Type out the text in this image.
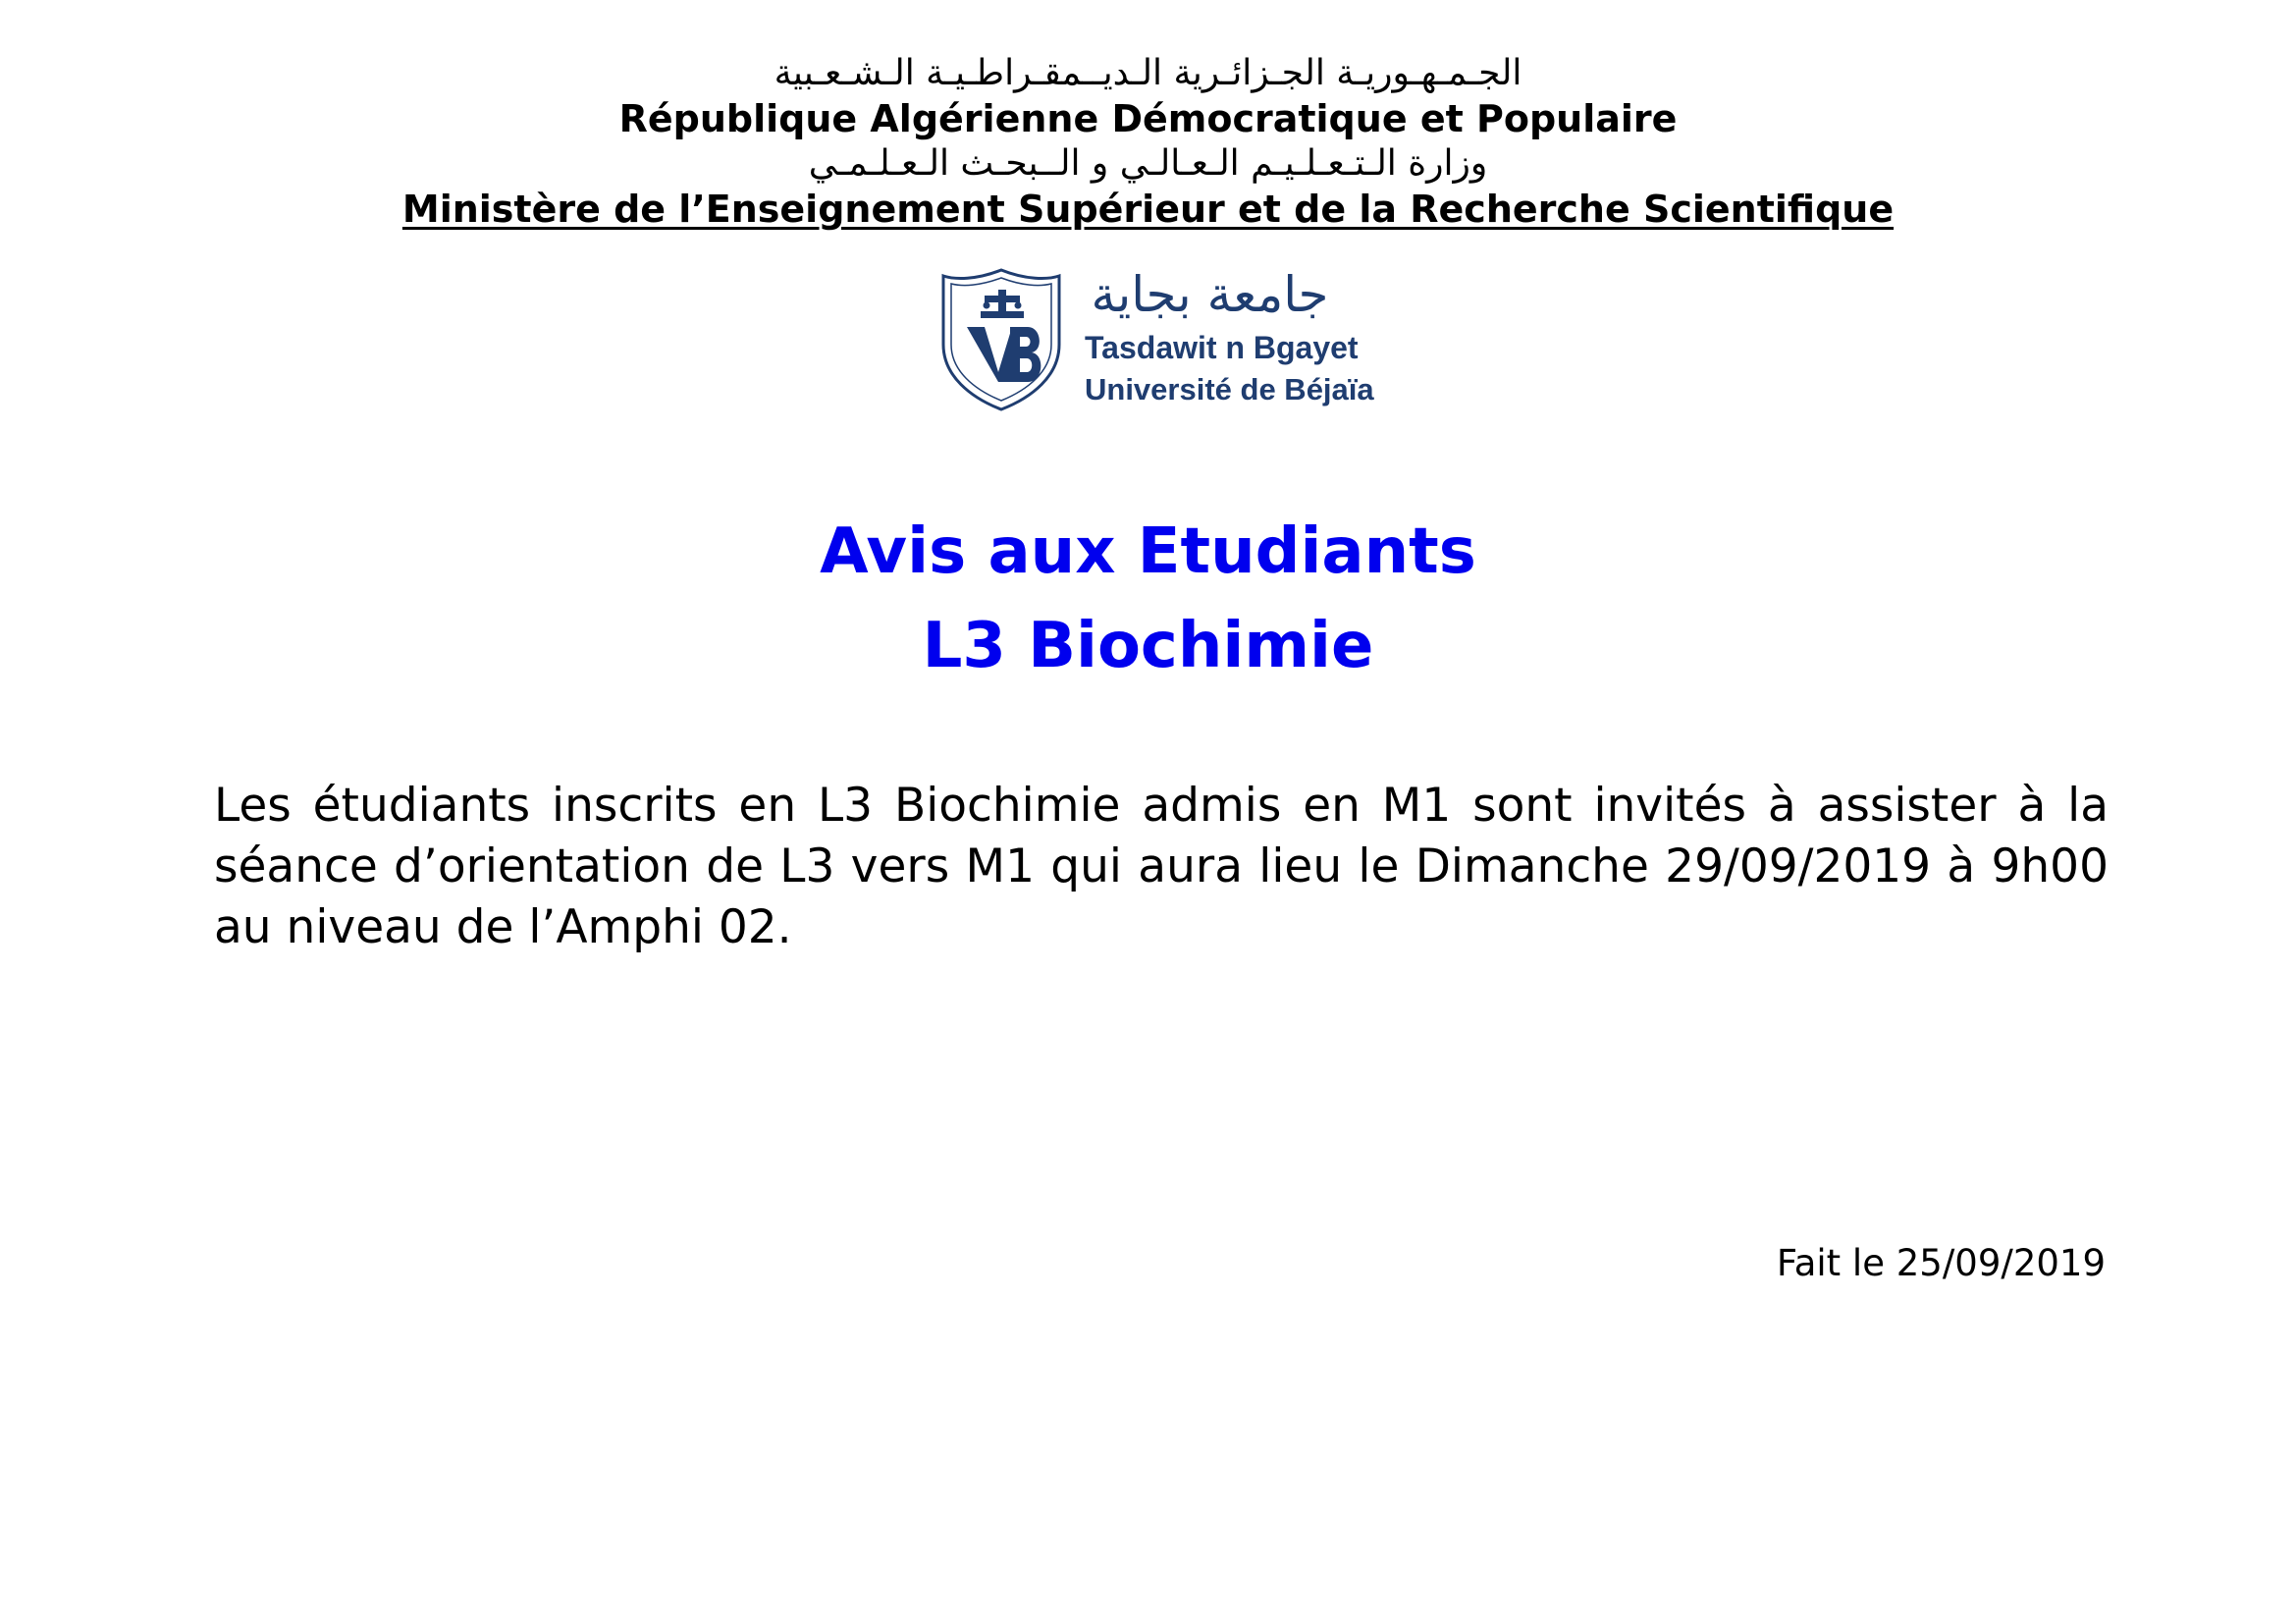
الجـمـهـوريـة الجـزائـرية الـديــمقـراطـيـة الـشـعـبية
République Algérienne Démocratique et Populaire
وزارة الـتـعـلـيـم الـعـالـي و الــبحـث الـعـلـمـي
Ministère de l’Enseignement Supérieur et de la Recherche Scientifique
جامعة بجاية
Tasdawit n Bgayet
Université de Béjaïa
Avis aux Etudiants
L3 Biochimie
Les étudiants inscrits en L3 Biochimie admis en M1 sont invités à assister à la séance d’orientation de L3 vers M1 qui aura lieu le Dimanche 29/09/2019 à 9h00 au niveau de l’Amphi 02.
Fait le 25/09/2019
